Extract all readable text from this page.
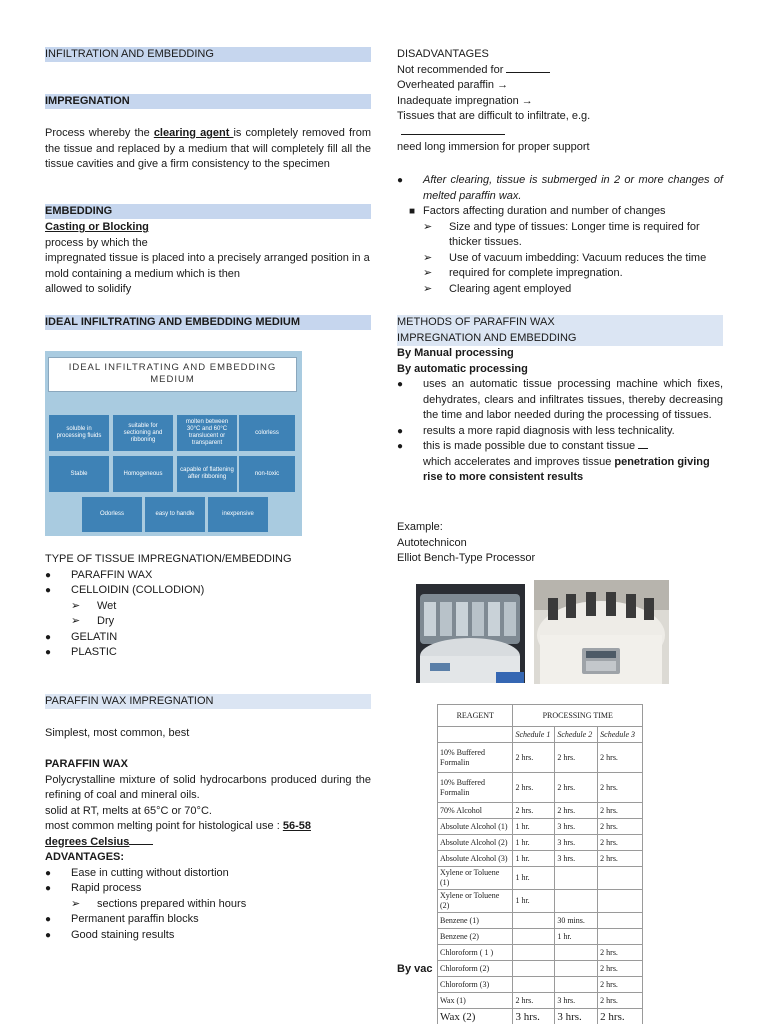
INFILTRATION AND EMBEDDING
IMPREGNATION
Process whereby the clearing agent is completely removed from the tissue and replaced by a medium that will completely fill all the tissue cavities and give a firm consistency to the specimen
EMBEDDING
Casting or Blocking
process by which the
impregnated tissue is placed into a precisely arranged position in a mold containing a medium which is then
allowed to solidify
IDEAL INFILTRATING AND EMBEDDING MEDIUM
IDEAL INFILTRATING AND EMBEDDING MEDIUM
soluble in processing fluids
suitable for sectioning and ribboning
molten between 30°C and 60°C translucent or transparent
colorless
Stable	Homogeneous
capable of flattening after ribboning
non-toxic
Odorless	easy to handle	inexpensive
TYPE OF TISSUE IMPREGNATION/EMBEDDING
● PARAFFIN WAX
● CELLOIDIN (COLLODION)
➢ Wet
➢ Dry
● GELATIN
● PLASTIC
PARAFFIN WAX IMPREGNATION
Simplest, most common, best
PARAFFIN WAX
Polycrystalline mixture of solid hydrocarbons produced during the refining of coal and mineral oils.
solid at RT, melts at 65°C or 70°C.
most common melting point for histological use : 56-58
degrees Celsius
ADVANTAGES:
● Ease in cutting without distortion
● Rapid process
➢ sections prepared within hours
● Permanent paraffin blocks
● Good staining results
DISADVANTAGES
Not recommended for
Overheated paraffin →
Inadequate impregnation →
Tissues that are difficult to infiltrate, e.g.
need long immersion for proper support
● After clearing, tissue is submerged in 2 or more changes of melted paraffin wax.
■ Factors affecting duration and number of changes
➢ Size and type of tissues: Longer time is required for thicker tissues.
➢ Use of vacuum imbedding: Vacuum reduces the time
➢ required for complete impregnation.
➢ Clearing agent employed
METHODS OF PARAFFIN WAX
IMPREGNATION AND EMBEDDING
By Manual processing
By automatic processing
● uses an automatic tissue processing machine which fixes, dehydrates, clears and infiltrates tissues, thereby decreasing the time and labor needed during the processing of tissues.
● results a more rapid diagnosis with less technicality.
● this is made possible due to constant tissue
which accelerates and improves tissue penetration giving rise to more consistent results
Example:
Autotechnicon
Elliot Bench-Type Processor
By vac
REAGENT	PROCESSING TIME		
	Schedule 1	Schedule 2	Schedule 3
10% Buffered Formalin	2 hrs.	2 hrs.	2 hrs.
10% Buffered Formalin	2 hrs.	2 hrs.	2 hrs.
70% Alcohol	2 hrs.	2 hrs.	2 hrs.
Absolute Alcohol (1)	1 hr.	3 hrs.	2 hrs.
Absolute Alcohol (2)	1 hr.	3 hrs.	2 hrs.
Absolute Alcohol (3)	1 hr.	3 hrs.	2 hrs.
Xylene or Toluene (1)	1 hr.		
Xylene or Toluene (2)	1 hr.		
Benzene (1)		30 mins.	
Benzene (2)		1 hr.	
Chloroform ( 1 )			2 hrs.
Chloroform (2)			2 hrs.
Chloroform (3)			2 hrs.
Wax (1)	2 hrs.	3 hrs.	2 hrs.
Wax (2)	3 hrs.	3 hrs.	2 hrs.
